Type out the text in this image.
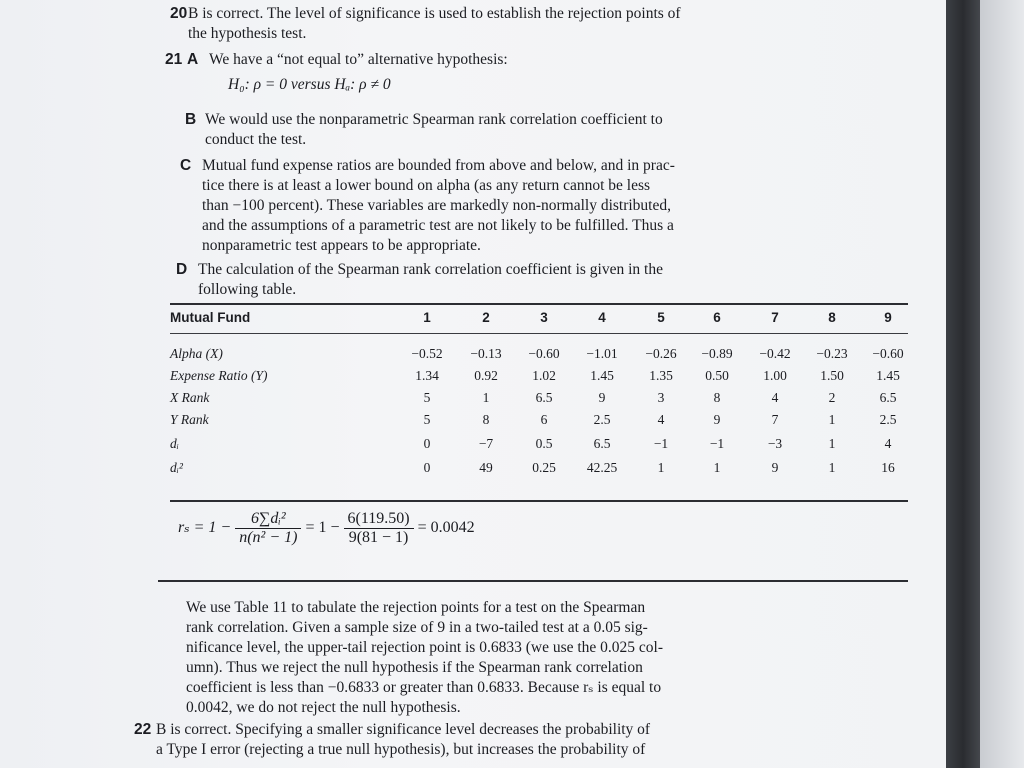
20 B is correct. The level of significance is used to establish the rejection points of
the hypothesis test.
21 A We have a “not equal to” alternative hypothesis:
H₀: ρ = 0 versus Hₐ: ρ ≠ 0
B We would use the nonparametric Spearman rank correlation coefficient to
conduct the test.
C Mutual fund expense ratios are bounded from above and below, and in prac-
tice there is at least a lower bound on alpha (as any return cannot be less
than −100 percent). These variables are markedly non-normally distributed,
and the assumptions of a parametric test are not likely to be fulfilled. Thus a
nonparametric test appears to be appropriate.
D The calculation of the Spearman rank correlation coefficient is given in the
following table.
Mutual Fund	1	2	3	4	5	6	7	8	9
Alpha (X)	−0.52	−0.13	−0.60	−1.01	−0.26	−0.89	−0.42	−0.23	−0.60
Expense Ratio (Y)	1.34	0.92	1.02	1.45	1.35	0.50	1.00	1.50	1.45
X Rank	5	1	6.5	9	3	8	4	2	6.5
Y Rank	5	8	6	2.5	4	9	7	1	2.5
dᵢ	0	−7	0.5	6.5	−1	−1	−3	1	4
dᵢ²	0	49	0.25	42.25	1	1	9	1	16
$r_s = 1 - \frac{\text{6∑dᵢ²}}{\text{n(n² − 1)}} = 1 - \frac{6(119.50)}{9(81 - 1)} = 0.0042$
We use Table 11 to tabulate the rejection points for a test on the Spearman
rank correlation. Given a sample size of 9 in a two-tailed test at a 0.05 sig-
nificance level, the upper-tail rejection point is 0.6833 (we use the 0.025 col-
umn). Thus we reject the null hypothesis if the Spearman rank correlation
coefficient is less than −0.6833 or greater than 0.6833. Because rₛ is equal to
0.0042, we do not reject the null hypothesis.
22 B is correct. Specifying a smaller significance level decreases the probability of
a Type I error (rejecting a true null hypothesis), but increases the probability of
